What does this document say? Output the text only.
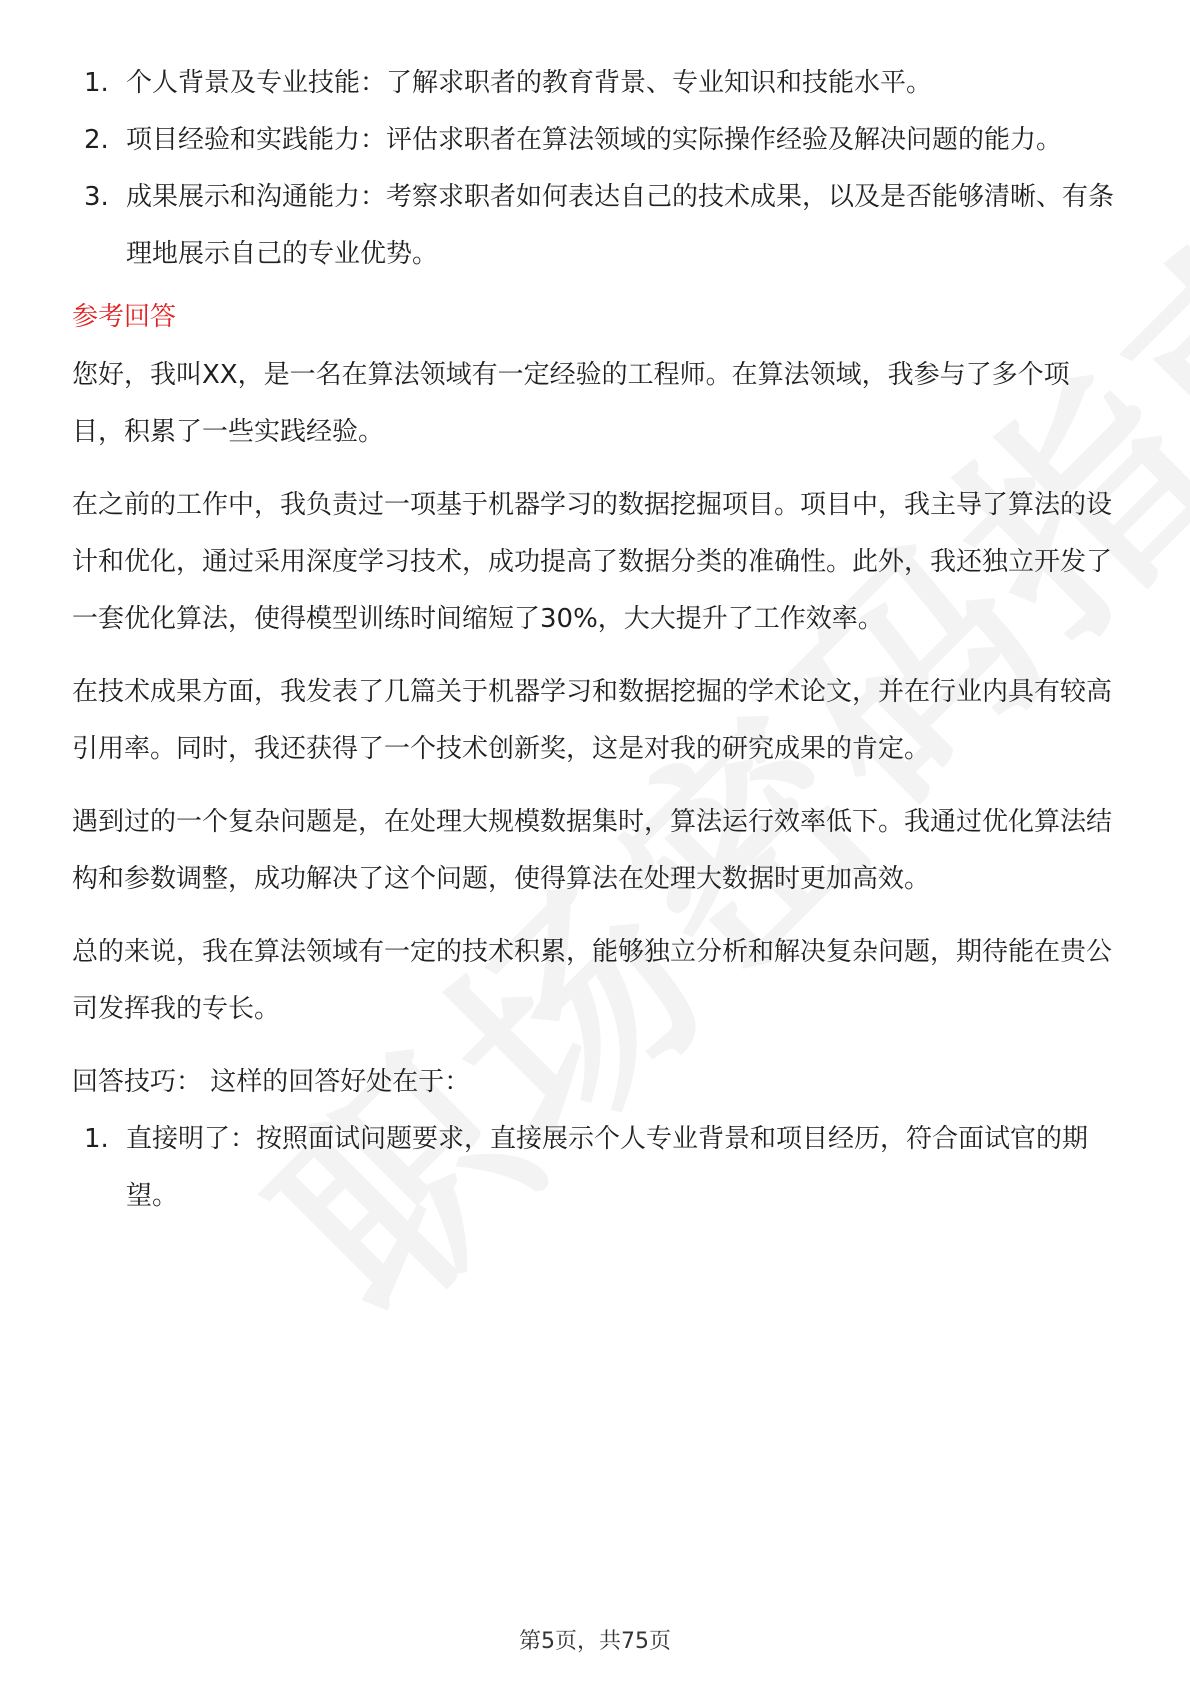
1. 个人背景及专业技能：了解求职者的教育背景、专业知识和技能水平。
2. 项目经验和实践能力：评估求职者在算法领域的实际操作经验及解决问题的能力。
3. 成果展示和沟通能力：考察求职者如何表达自己的技术成果，以及是否能够清晰、有条理地展示自己的专业优势。
参考回答

您好，我叫XX，是一名在算法领域有一定经验的工程师。在算法领域，我参与了多个项目，积累了一些实践经验。

在之前的工作中，我负责过一项基于机器学习的数据挖掘项目。项目中，我主导了算法的设计和优化，通过采用深度学习技术，成功提高了数据分类的准确性。此外，我还独立开发了一套优化算法，使得模型训练时间缩短了30%，大大提升了工作效率。

在技术成果方面，我发表了几篇关于机器学习和数据挖掘的学术论文，并在行业内具有较高引用率。同时，我还获得了一个技术创新奖，这是对我的研究成果的肯定。

遇到过的一个复杂问题是，在处理大规模数据集时，算法运行效率低下。我通过优化算法结构和参数调整，成功解决了这个问题，使得算法在处理大数据时更加高效。

总的来说，我在算法领域有一定的技术积累，能够独立分析和解决复杂问题，期待能在贵公司发挥我的专长。

回答技巧： 这样的回答好处在于：

1. 直接明了：按照面试问题要求，直接展示个人专业背景和项目经历，符合面试官的期望。
第5页，共75页
